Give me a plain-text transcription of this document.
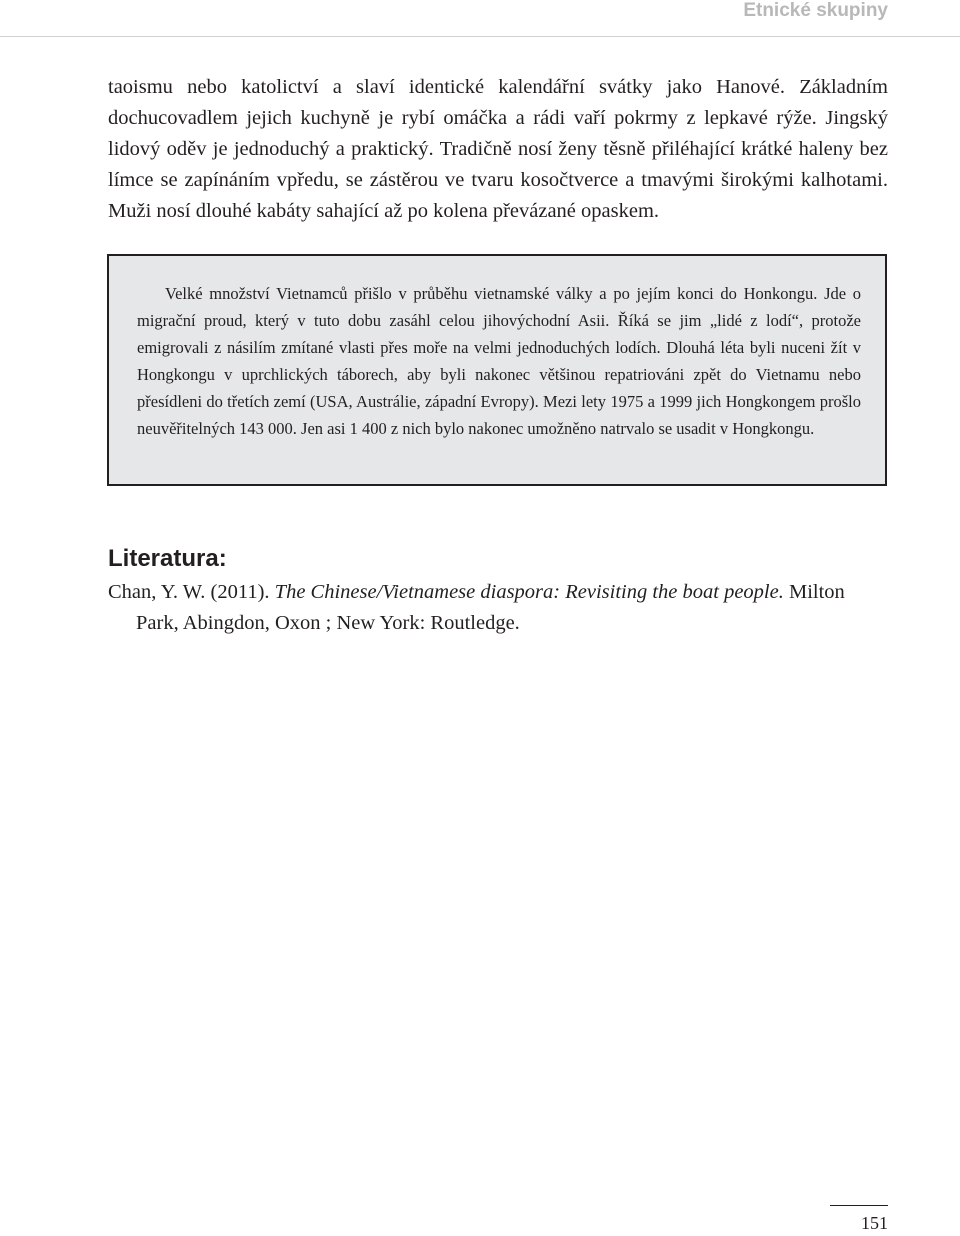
Etnické skupiny

taoismu nebo katolictví a slaví identické kalendářní svátky jako Hanové. Základním dochucovadlem jejich kuchyně je rybí omáčka a rádi vaří pokrmy z lepkavé rýže. Jingský lidový oděv je jednoduchý a praktický. Tradičně nosí ženy těsně přiléhající krátké haleny bez límce se zapínáním vpředu, se zástěrou ve tvaru kosočtverce a tmavými širokými kalhotami. Muži nosí dlouhé kabáty sahající až po kolena převázané opaskem.

Velké množství Vietnamců přišlo v průběhu vietnamské války a po jejím konci do Honkongu. Jde o migrační proud, který v tuto dobu zasáhl celou jihovýchodní Asii. Říká se jim „lidé z lodí“, protože emigrovali z násilím zmítané vlasti přes moře na velmi jednoduchých lodích. Dlouhá léta byli nuceni žít v Hongkongu v uprchlických táborech, aby byli nakonec většinou repatriováni zpět do Vietnamu nebo přesídleni do třetích zemí (USA, Austrálie, západní Evropy). Mezi lety 1975 a 1999 jich Hongkongem prošlo neuvěřitelných 143 000. Jen asi 1 400 z nich bylo nakonec umožněno natrvalo se usadit v Hongkongu.

Literatura:

Chan, Y. W. (2011). The Chinese/Vietnamese diaspora: Revisiting the boat people. Milton Park, Abingdon, Oxon ; New York: Routledge.

151
